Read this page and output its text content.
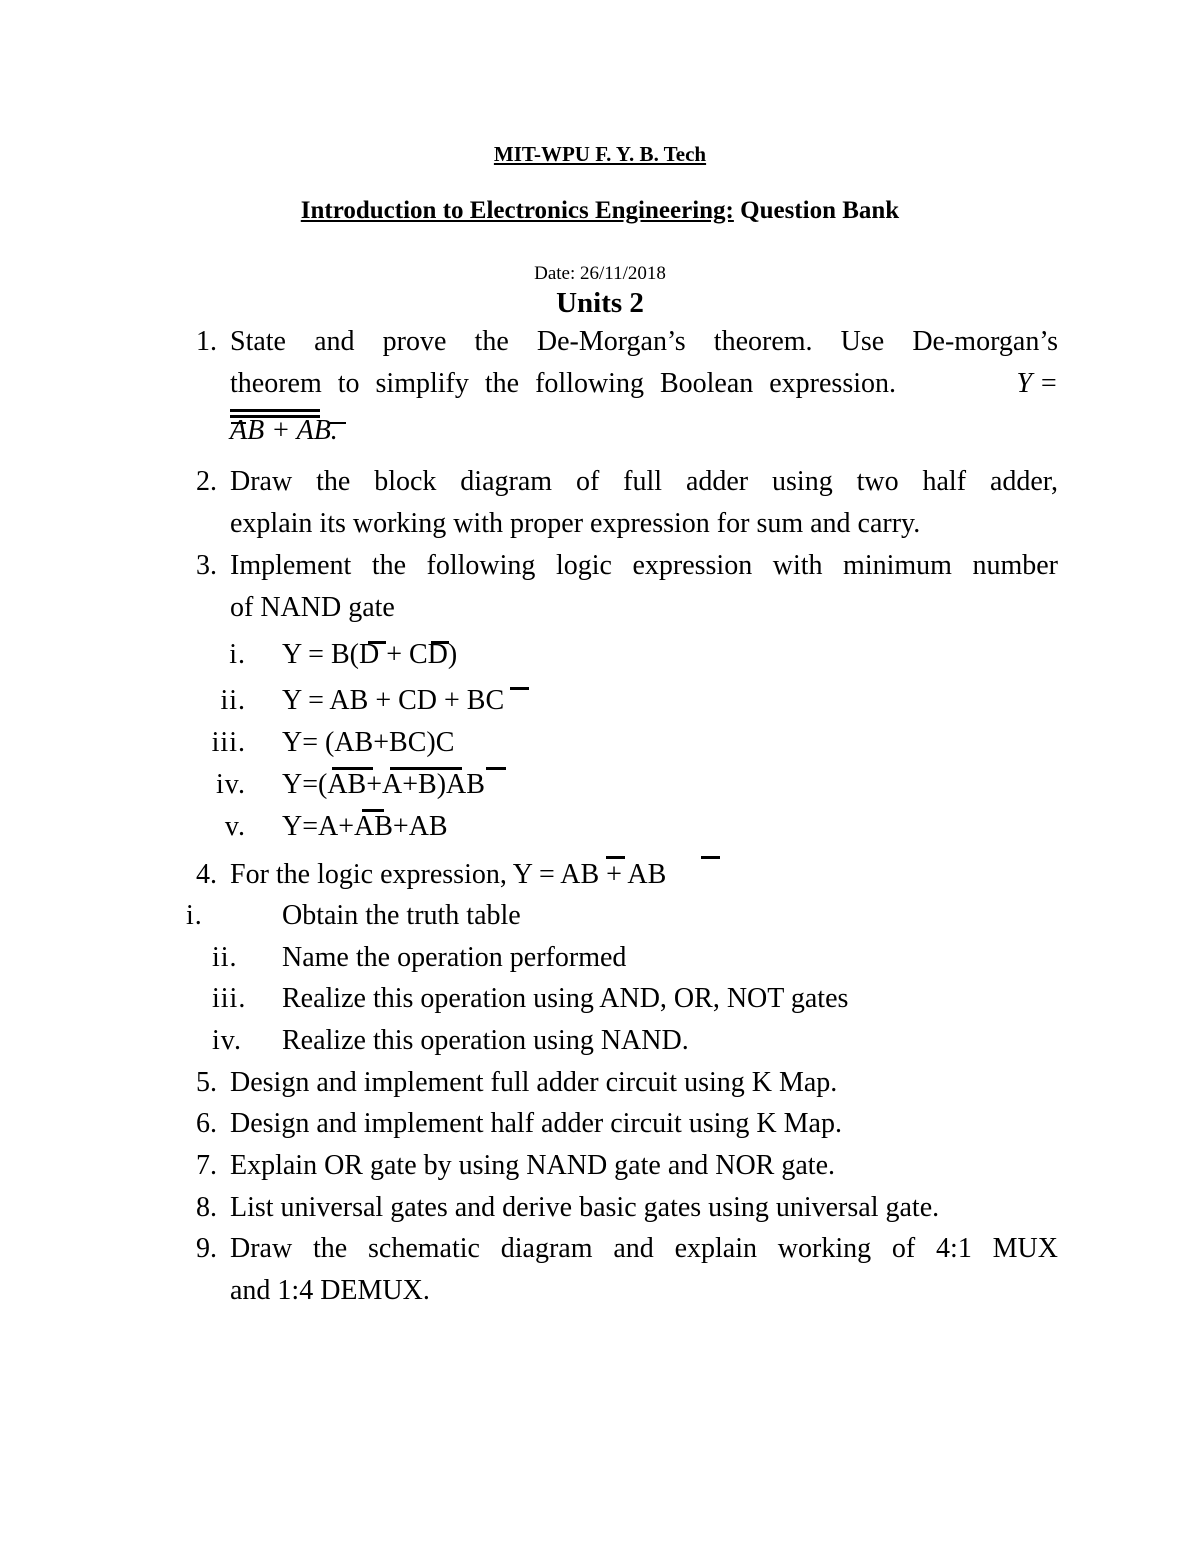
MIT-WPU F. Y. B. Tech
Introduction to Electronics Engineering: Question Bank
Date: 26/11/2018
Units 2
1. State and prove the De-Morgan’s theorem. Use De-morgan’s
theorem to simplify the following Boolean expression.	Y =
AB + AB.
2. Draw the block diagram of full adder using two half adder,
explain its working with proper expression for sum and carry.
3. Implement the following logic expression with minimum number
of NAND gate
i. Y = B(D + CD)
ii. Y = AB + CD + BC
iii. Y= (AB+BC)C
iv. Y=(AB+A+B)AB
v. Y=A+AB+AB
4. For the logic expression, Y = AB + AB
i.	Obtain the truth table
ii.	Name the operation performed
iii.	Realize this operation using AND, OR, NOT gates
iv.	Realize this operation using NAND.
5. Design and implement full adder circuit using K Map.
6. Design and implement half adder circuit using K Map.
7. Explain OR gate by using NAND gate and NOR gate.
8. List universal gates and derive basic gates using universal gate.
9. Draw the schematic diagram and explain working of 4:1 MUX
and 1:4 DEMUX.
